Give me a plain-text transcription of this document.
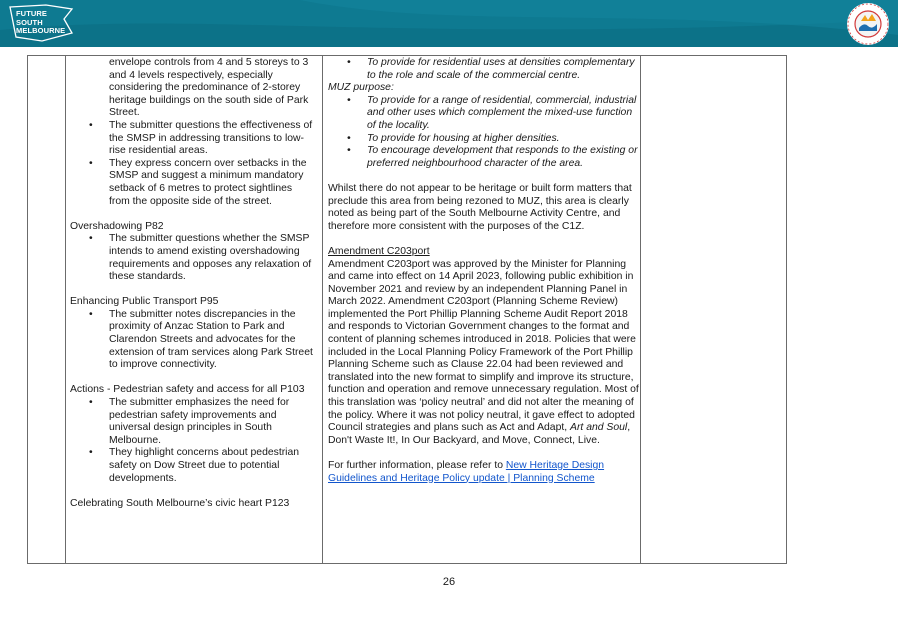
FUTURE
SOUTH
MELBOURNE

envelope controls from 4 and 5 storeys to 3 and 4 levels respectively, especially considering the predominance of 2-storey heritage buildings on the south side of Park Street.

• The submitter questions the effectiveness of the SMSP in addressing transitions to low-rise residential areas.
• They express concern over setbacks in the SMSP and suggest a minimum mandatory setback of 6 metres to protect sightlines from the opposite side of the street.

Overshadowing P82

• The submitter questions whether the SMSP intends to amend existing overshadowing requirements and opposes any relaxation of these standards.

Enhancing Public Transport P95

• The submitter notes discrepancies in the proximity of Anzac Station to Park and Clarendon Streets and advocates for the extension of tram services along Park Street to improve connectivity.

Actions - Pedestrian safety and access for all P103

• The submitter emphasizes the need for pedestrian safety improvements and universal design principles in South Melbourne.
• They highlight concerns about pedestrian safety on Dow Street due to potential developments.

Celebrating South Melbourne’s civic heart P123

• To provide for residential uses at densities complementary to the role and scale of the commercial centre.

MUZ purpose:

• To provide for a range of residential, commercial, industrial and other uses which complement the mixed-use function of the locality.
• To provide for housing at higher densities.
• To encourage development that responds to the existing or preferred neighbourhood character of the area.

Whilst there do not appear to be heritage or built form matters that preclude this area from being rezoned to MUZ, this area is clearly noted as being part of the South Melbourne Activity Centre, and therefore more consistent with the purposes of the C1Z.

Amendment C203port

Amendment C203port was approved by the Minister for Planning and came into effect on 14 April 2023, following public exhibition in November 2021 and review by an independent Planning Panel in March 2022. Amendment C203port (Planning Scheme Review) implemented the Port Phillip Planning Scheme Audit Report 2018 and responds to Victorian Government changes to the format and content of planning schemes introduced in 2018. Policies that were included in the Local Planning Policy Framework of the Port Phillip Planning Scheme such as Clause 22.04 had been reviewed and translated into the new format to simplify and improve its structure, function and operation and remove unnecessary regulation. Most of this translation was ‘policy neutral’ and did not alter the meaning of the policy. Where it was not policy neutral, it gave effect to adopted Council strategies and plans such as Act and Adapt, Art and Soul, Don't Waste It!, In Our Backyard, and Move, Connect, Live.

For further information, please refer to New Heritage Design Guidelines and Heritage Policy update | Planning Scheme

26
